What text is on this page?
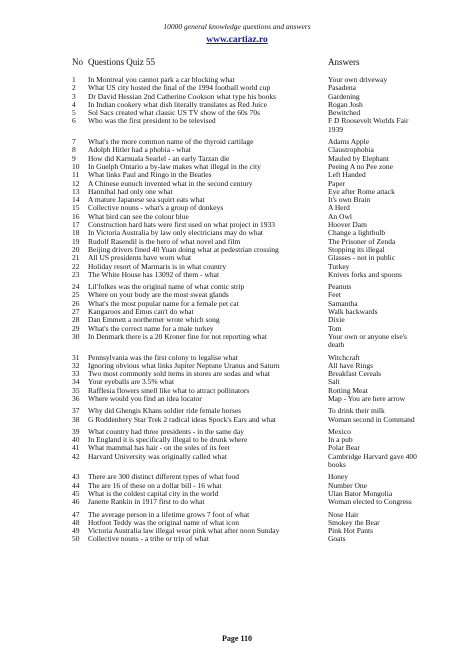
10000 general knowledge questions and answers
www.cartiaz.ro
No Questions Quiz 55	Answers
1	In Montreal you cannot park a car blocking what	Your own driveway
2	What US city hosted the final of the 1994 football world cup	Pasadena
3	Dr David Hessian 2nd Catherine Cookson what type his books	Gardening
4	In Indian cookery what dish literally translates as Red Juice	Rogan Josh
5	Sol Sacs created what classic US TV show of the 60s 70s	Bewitched
6	Who was the first president to be televised	F D Roosevelt Worlds Fair 1939
7	What's the more common name of the thyroid cartilage	Adams Apple
8	Adolph Hitler had a phobia - what	Claustrophobia
9	How did Karnuala Searlel - an early Tarzan die	Mauled by Elephant
10	In Guelph Ontario a by-law makes what illegal in the city	Peeing A no Pee zone
11	What links Paul and Ringo in the Beatles	Left Handed
12	A Chinese eunuch invented what in the second century	Paper
13	Hannibal had only one what	Eye after Rome attack
14	A mature Japanese sea squirt eats what	It's own Brain
15	Collective nouns - what's a group of donkeys	A Herd
16	What bird can see the colour blue	An Owl
17	Construction hard hats were first used on what project in 1933	Hoover Dam
18	In Victoria Australia by law only electricians may do what	Change a lightbulb
19	Rudolf Rasendil is the hero of what novel and film	The Prisoner of Zenda
20	Beijing drivers fined 40 Yuan doing what at pedestrian crossing	Stopping its illegal
21	All US presidents have worn what	Glasses - not in public
22	Holiday resort of Marmaris is in what country	Turkey
23	The White House has 13092 of them - what	Knives forks and spoons
24	Lil'folkes was the original name of what comic strip	Peanuts
25	Where on your body are the most sweat glands	Feet
26	What's the most popular name for a female pet cat	Samantha
27	Kangaroos and Emus can't do what	Walk backwards
28	Dan Emmett a northerner wrote which song	Dixie
29	What's the correct name for a male turkey	Tom
30	In Denmark there is a 20 Kroner fine for not reporting what	Your own or anyone else's death
31	Pennsylvania was the first colony to legalise what	Witchcraft
32	Ignoring obvious what links Jupiter Neptune Uranus and Saturn	All have Rings
33	Two most commonly sold items in stores are sodas and what	Breakfast Cereals
34	Your eyeballs are 3.5% what	Salt
35	Rafflesia flowers smell like what to attract pollinators	Rotting Meat
36	Where would you find an idea locator	Map - You are here arrow
37	Why did Ghengis Khans soldier ride female horses	To drink their milk
38	G Roddenbery Star Trek 2 radical ideas Spock's Ears and what	Woman second in Command
39	What country had three presidents - in the same day	Mexico
40	In England it is specifically illegal to be drunk where	In a pub
41	What mammal has hair - on the soles of its feet	Polar Bear
42	Harvard University was originally called what	Cambridge Harvard gave 400 books
43	There are 300 distinct different types of what food	Honey
44	The are 16 of these on a dollar bill - 16 what	Number One
45	What is the coldest capital city in the world	Ulan Bator Mongolia
46	Janette Rankin in 1917 first to do what	Woman elected to Congress
47	The average person in a lifetime grows 7 foot of what	Nose Hair
48	Hotfoot Teddy was the original name of what icon	Smokey the Bear
49	Victoria Australia law illegal wear pink what after noon Sunday	Pink Hot Pants
50	Collective nouns - a tribe or trip of what	Goats
Page 110
